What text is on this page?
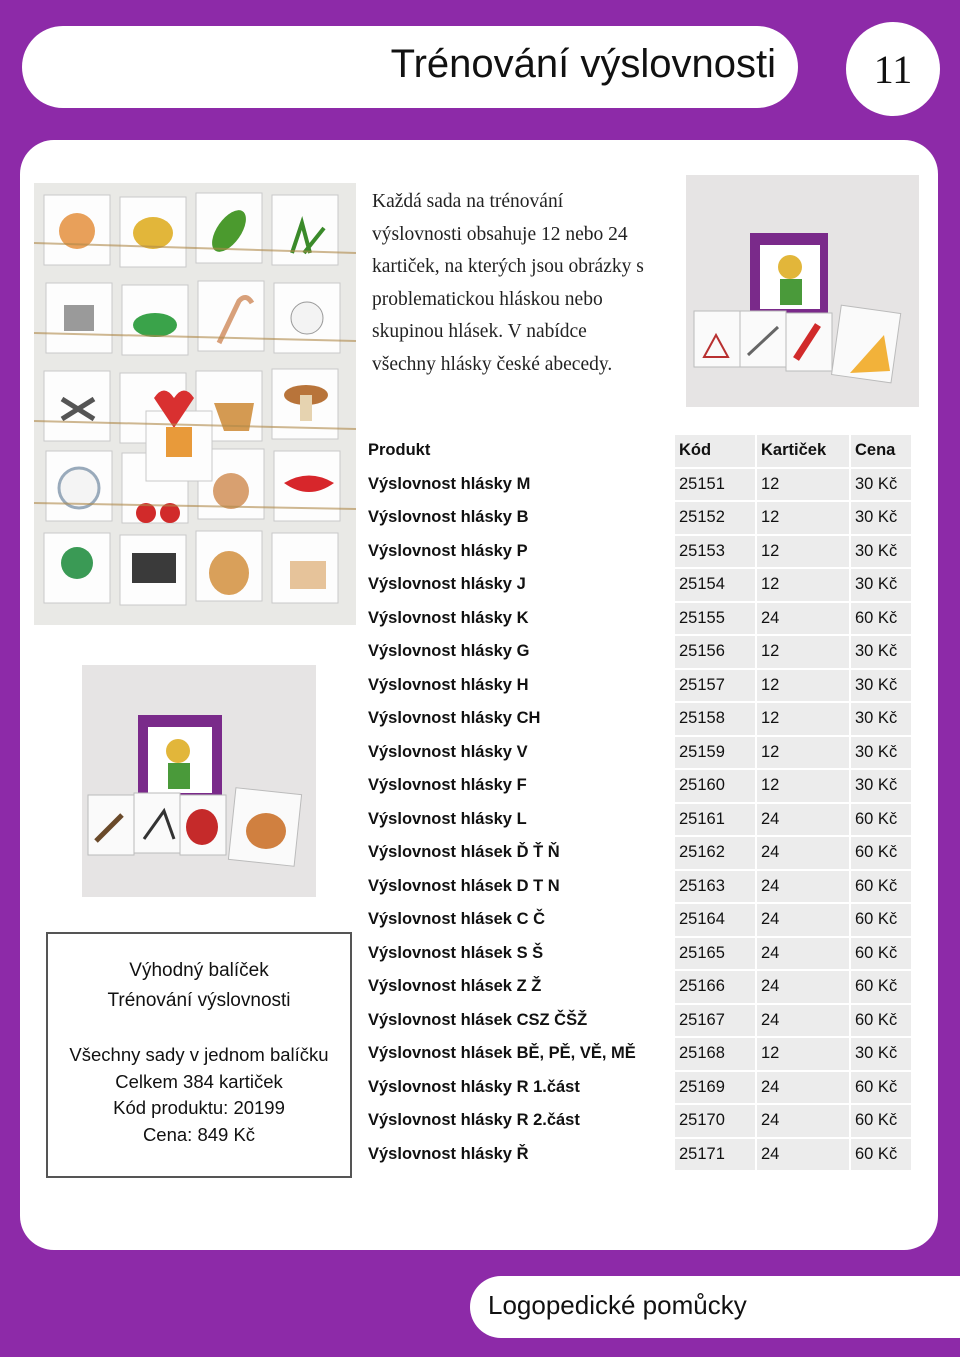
Trénování výslovnosti	11
Každá sada na trénování
výslovnosti obsahuje 12 nebo 24
kartiček, na kterých jsou obrázky s
problematickou hláskou nebo
skupinou hlásek. V nabídce
všechny hlásky české abecedy.
Produkt	Kód	Kartiček	Cena
Výslovnost hlásky M	25151	12	30 Kč
Výslovnost hlásky B	25152	12	30 Kč
Výslovnost hlásky P	25153	12	30 Kč
Výslovnost hlásky J	25154	12	30 Kč
Výslovnost hlásky K	25155	24	60 Kč
Výslovnost hlásky G	25156	12	30 Kč
Výslovnost hlásky H	25157	12	30 Kč
Výslovnost hlásky CH	25158	12	30 Kč
Výslovnost hlásky V	25159	12	30 Kč
Výslovnost hlásky F	25160	12	30 Kč
Výslovnost hlásky L	25161	24	60 Kč
Výslovnost hlásek Ď Ť Ň	25162	24	60 Kč
Výslovnost hlásek D T N	25163	24	60 Kč
Výslovnost hlásek C Č	25164	24	60 Kč
Výslovnost hlásek S Š	25165	24	60 Kč
Výslovnost hlásek Z Ž	25166	24	60 Kč
Výslovnost hlásek CSZ ČŠŽ	25167	24	60 Kč
Výslovnost hlásek BĚ, PĚ, VĚ, MĚ	25168	12	30 Kč
Výslovnost hlásky R 1.část	25169	24	60 Kč
Výslovnost hlásky R 2.část	25170	24	60 Kč
Výslovnost hlásky Ř	25171	24	60 Kč
Výhodný balíček
Trénování výslovnosti
Všechny sady v jednom balíčku
Celkem 384 kartiček
Kód produktu: 20199
Cena: 849 Kč
Logopedické pomůcky
